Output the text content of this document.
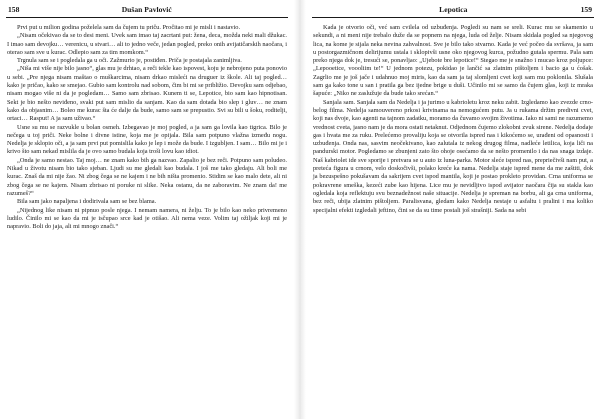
158	Dušan Pavlović

Prvi put u milion godina poželela sam da čujem tu priču. Pročitao mi je misli i nastavio.

„Nisam očekivao da se to desi meni. Uvek sam imao taj zacrtani put: žena, deca, možda neki mali džukac. I imao sam devojku… verenicu, u stvari… ali to jedno veče, jedan pogled, preko onih avijatičarskih naočara, i oterao sam sve u kurac. Odlepio sam za tim momkom.“

Trgnula sam se i pogledala ga u oči. Zažmurio je, postiđen. Priča je postajala zanimljiva.

„Niša mi više nije bilo jasno“, glas mu je drhtao, a reči tekle kao ispovest, koju je nebrojeno puta ponovio u sebi. „Pre njega nisam maštao o muškarcima, nisam drkao misleći na druguer iz škole. Ali taj pogled… kako je pričao, kako se smejao. Gubio sam kontrolu nad sobom, čim bi mi se približio. Devojku sam odjebao, nisam mogao više ni da je pogledam… Samo sam zbrisao. Kunem ti se, Lepotice, bio sam kao hipnotisan. Sekt je bio nešto neviđeno, svaki put sam mislio da sanjam. Kao da sam dotada bio slep i gluv… ne znam kako da objasnim… Boleo me kurac šta će dalje da bude, samo sam se prepustio. Svi su bili u šoku, roditelji, ortaci… Rasput! A ja sam uživao.“

Usne su mu se razvukle u bolan osmeh. Izbegavao je moj pogled, a ja sam ga lovila kao tigrica. Bilo je nečega u toj priči. Neke bolne i divne istine, koja me je opijala. Bila sam potpuno vlažna između nogu. Nedelja je sklopio oči, a ja sam prvi put pomislila kako je lep i može da bude. I izgubljen. I sam… Bilo mi je i krivo što sam nekad mislila da je ovo samo budala koja troši lovu kao idiot.

„Onda je samo nestao. Taj moj… ne znam kako bih ga nazvao. Zapalio je bez reči. Potpuno sam poludeo. Nikad u životu nisam bio tako sjeban. Ljudi su me gledali kao budala. I još me tako gledaju. Ali boli me kurac. Znaš da mi nije žao. Ni zbog čega se ne kajem i ne bih ništa promenio. Stidim se kao malo dete, ali ni zbog čega se ne kajem. Nisam zbrisao ni poruke ni slike. Neka ostanu, da ne zaboravim. Ne znam da! me razumeš?“

Bila sam jako napaljena i dodirivala sam se bez blama.

„Nijednog like nisam ni pipnuo posle njega. I nemam namera, ni želju. To je bilo kao neko privremeno ludilo. Činilo mi se kao da mi je isčupao srce kad je otišao. Ali nema veze. Volim taj ožiljak koji mi je napravio. Boli do jaja, ali mi mnogo znači.“

Lepotica	159

Kada je otvorio oči, već sam cvilela od uzbuđenja. Pogledi su nam se sreli. Kurac mu se skamenio u sekundi, a ni meni nije trebalo duže da se popnem na njega, luda od želje. Nisam skidala pogled sa njegovog lica, na kome je sijala neka nevina zahvalnost. Sve je bilo tako stvarno. Kada je već počeo da svršava, ja sam u postorgazmičnom delirijumu ustala i sklopivši usne oko njegovog kurca, požudno gutala spermu. Pala sam preko njega dok je, tresući se, ponavljao: „Ujebote bre lepotice!“ Stegao me je snažno i mucao kroz poljupce: „Lepooetice, voooliim te!“ U jednom potezu, pokidao je lančić sa zlatnim pištoljem i bacio ga u ćošak. Zagrlio me je još jače i udahnuo moj miris, kao da sam ja taj slomljeni cvet koji sam mu poklonila. Slušala sam ga kako tone u san i pratila ga bez ijedne brige u duši. Učinilo mi se samo da čujem glas, koji iz mraka šapuće: „Niko ne zaslužuje da bude tako srećan.“

Sanjala sam. Sanjala sam da Nedelja i ja jurimo u kabrioletu kroz neku zabit. Izgledamo kao zvezde crno-belog filma. Nedelja samouvereno prkosi krivinama na nemogućem putu. Ja u rukama držim predivni cvet, koji nas dvoje, kao agenti na tajnom zadatku, moramo da čuvamo svojim životima. Iako ni sami ne razumemo vrednost cveta, jasno nam je da mora ostati netaknut. Odjednom čujemo zlokobni zvuk sirene. Nedelja dodaje gas i hvata me za ruku. Prelećemo provaliju koja se otvorila ispred nas i kikoćemo se, urađeni od opasnosti i uzbuđenja. Onda nas, sasvim neočekivano, kao zalutala iz nekog drugog filma, nadleće letilica, koja liči na pandurski motor. Pogledamo se zbunjeni zato što ohoje osećamo da se nešto promenilo i da nas snaga izdaje. Naš kabriolet ide sve sporije i pretvara se u auto iz luna-parka. Motor sleće ispred nas, prepriečivši nam put, a pretećа figura u crnom, velo doskočivši, polako kreće ka nama. Nedelja staje ispred mene da me zaštiti, dok ja bezuspešno pokušavam da sakrijem cvet ispod mantila, koji je postao prokleto providan. Crna uniforma se pokravrene smeška, kezeći zube kao hijena. Lice mu je nevidljivo ispod avijator naočara čija su stakla kao ogledala koja reflektuju svu beznadežnost naše situacije. Nedelja je spreman na borbu, ali ga crna uniforma, bez reči, ubija zlatnim pištoljem. Paralisvana, gledam kako Nedelja nestaje u asfaltu i pralini i ma koliko specijalni efekti izgledali jeftino, čini se da su time postali još strašniji. Sada na sebi
